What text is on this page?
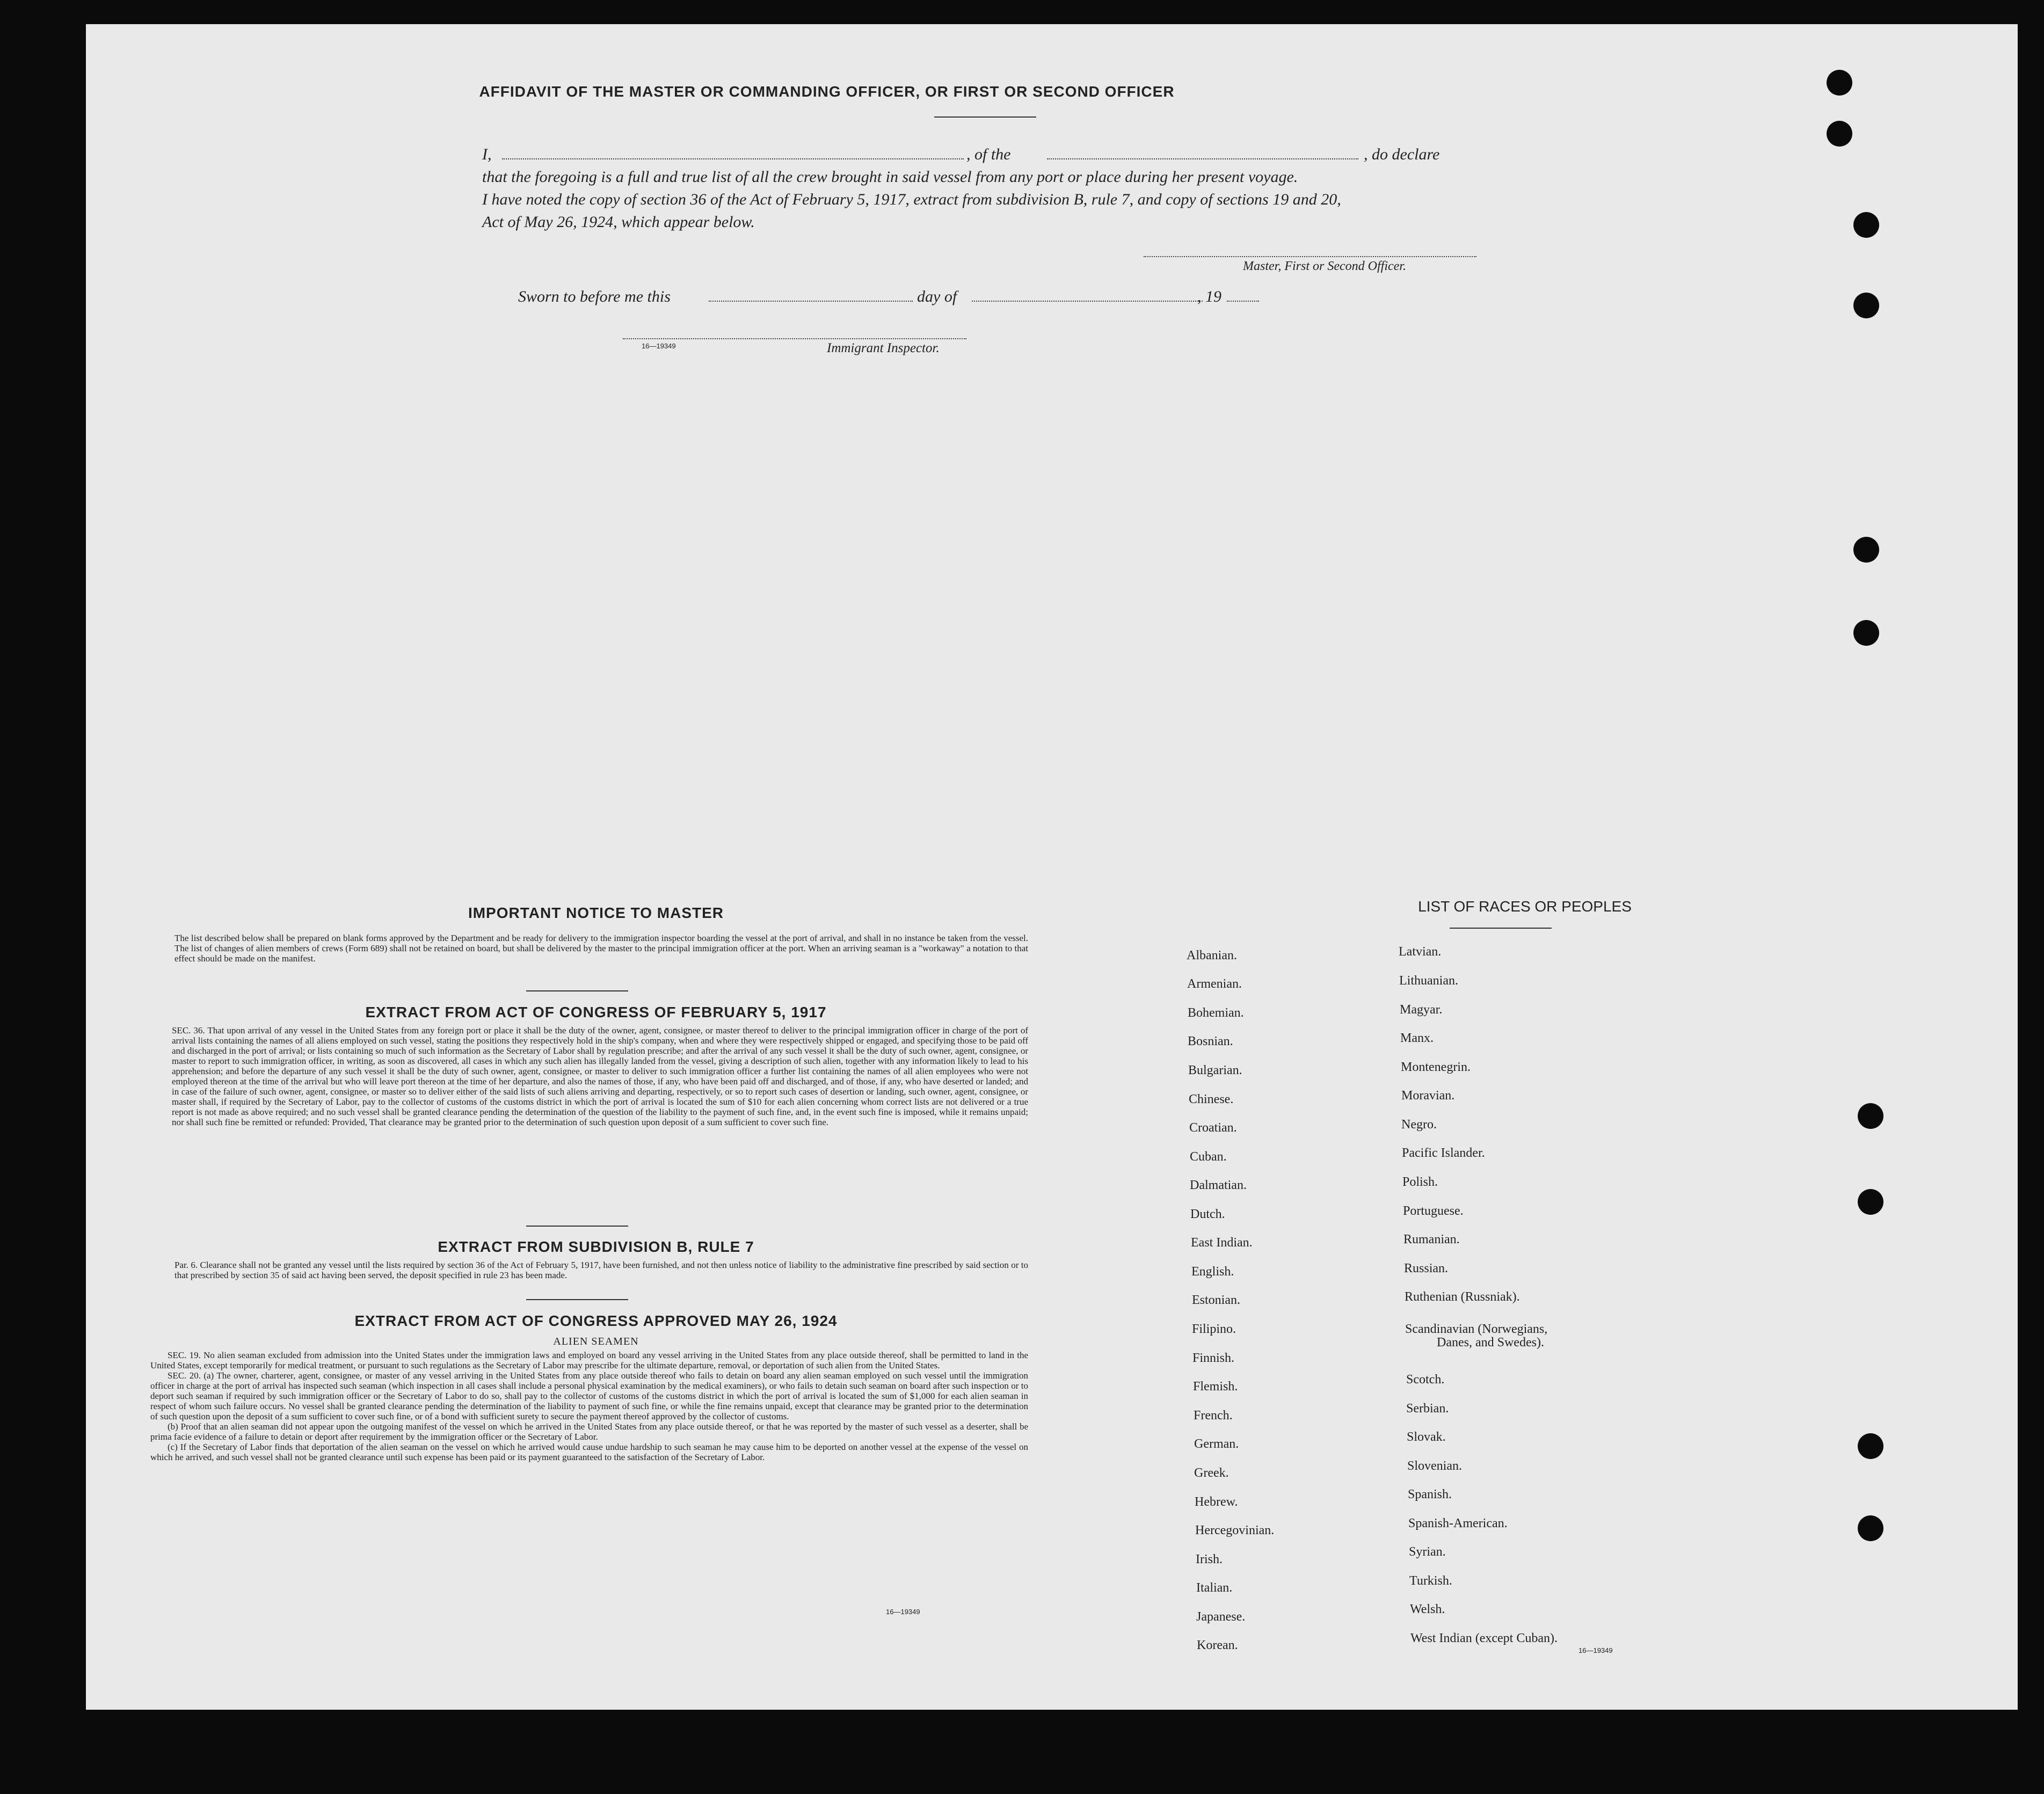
AFFIDAVIT OF THE MASTER OR COMMANDING OFFICER, OR FIRST OR SECOND OFFICER
I,	, of the	, do declare
that the foregoing is a full and true list of all the crew brought in said vessel from any port or place during her present voyage.
I have noted the copy of section 36 of the Act of February 5, 1917, extract from subdivision B, rule 7, and copy of sections 19 and 20,
Act of May 26, 1924, which appear below.
Master, First or Second Officer.
Sworn to before me this	day of	, 19
16—19349	Immigrant Inspector.
IMPORTANT NOTICE TO MASTER
The list described below shall be prepared on blank forms approved by the Department and be ready for delivery to the immigration inspector boarding the vessel at the port of arrival, and shall in no instance be taken from the vessel. The list of changes of alien members of crews (Form 689) shall not be retained on board, but shall be delivered by the master to the principal immigration officer at the port. When an arriving seaman is a "workaway" a notation to that effect should be made on the manifest.
EXTRACT FROM ACT OF CONGRESS OF FEBRUARY 5, 1917
SEC. 36. That upon arrival of any vessel in the United States from any foreign port or place it shall be the duty of the owner, agent, consignee, or master thereof to deliver to the principal immigration officer in charge of the port of arrival lists containing the names of all aliens employed on such vessel, stating the positions they respectively hold in the ship's company, when and where they were respectively shipped or engaged, and specifying those to be paid off and discharged in the port of arrival; or lists containing so much of such information as the Secretary of Labor shall by regulation prescribe; and after the arrival of any such vessel it shall be the duty of such owner, agent, consignee, or master to report to such immigration officer, in writing, as soon as discovered, all cases in which any such alien has illegally landed from the vessel, giving a description of such alien, together with any information likely to lead to his apprehension; and before the departure of any such vessel it shall be the duty of such owner, agent, consignee, or master to deliver to such immigration officer a further list containing the names of all alien employees who were not employed thereon at the time of the arrival but who will leave port thereon at the time of her departure, and also the names of those, if any, who have been paid off and discharged, and of those, if any, who have deserted or landed; and in case of the failure of such owner, agent, consignee, or master so to deliver either of the said lists of such aliens arriving and departing, respectively, or so to report such cases of desertion or landing, such owner, agent, consignee, or master shall, if required by the Secretary of Labor, pay to the collector of customs of the customs district in which the port of arrival is located the sum of $10 for each alien concerning whom correct lists are not delivered or a true report is not made as above required; and no such vessel shall be granted clearance pending the determination of the question of the liability to the payment of such fine, and, in the event such fine is imposed, while it remains unpaid; nor shall such fine be remitted or refunded: Provided, That clearance may be granted prior to the determination of such question upon deposit of a sum sufficient to cover such fine.
EXTRACT FROM SUBDIVISION B, RULE 7
Par. 6. Clearance shall not be granted any vessel until the lists required by section 36 of the Act of February 5, 1917, have been furnished, and not then unless notice of liability to the administrative fine prescribed by said section or to that prescribed by section 35 of said act having been served, the deposit specified in rule 23 has been made.
EXTRACT FROM ACT OF CONGRESS APPROVED MAY 26, 1924
ALIEN SEAMEN

SEC. 19. No alien seaman excluded from admission into the United States under the immigration laws and employed on board any vessel arriving in the United States from any place outside thereof, shall be permitted to land in the United States, except temporarily for medical treatment, or pursuant to such regulations as the Secretary of Labor may prescribe for the ultimate departure, removal, or deportation of such alien from the United States.

SEC. 20. (a) The owner, charterer, agent, consignee, or master of any vessel arriving in the United States from any place outside thereof who fails to detain on board any alien seaman employed on such vessel until the immigration officer in charge at the port of arrival has inspected such seaman (which inspection in all cases shall include a personal physical examination by the medical examiners), or who fails to detain such seaman on board after such inspection or to deport such seaman if required by such immigration officer or the Secretary of Labor to do so, shall pay to the collector of customs of the customs district in which the port of arrival is located the sum of $1,000 for each alien seaman in respect of whom such failure occurs. No vessel shall be granted clearance pending the determination of the liability to payment of such fine, or while the fine remains unpaid, except that clearance may be granted prior to the determination of such question upon the deposit of a sum sufficient to cover such fine, or of a bond with sufficient surety to secure the payment thereof approved by the collector of customs.

(b) Proof that an alien seaman did not appear upon the outgoing manifest of the vessel on which he arrived in the United States from any place outside thereof, or that he was reported by the master of such vessel as a deserter, shall be prima facie evidence of a failure to detain or deport after requirement by the immigration officer or the Secretary of Labor.

(c) If the Secretary of Labor finds that deportation of the alien seaman on the vessel on which he arrived would cause undue hardship to such seaman he may cause him to be deported on another vessel at the expense of the vessel on which he arrived, and such vessel shall not be granted clearance until such expense has been paid or its payment guaranteed to the satisfaction of the Secretary of Labor.

16—19349
LIST OF RACES OR PEOPLES
Albanian.
Armenian.
Bohemian.
Bosnian.
Bulgarian.
Chinese.
Croatian.
Cuban.
Dalmatian.
Dutch.
East Indian.
English.
Estonian.
Filipino.
Finnish.
Flemish.
French.
German.
Greek.
Hebrew.
Hercegovinian.
Irish.
Italian.
Japanese.
Korean.
Latvian.
Lithuanian.
Magyar.
Manx.
Montenegrin.
Moravian.
Negro.
Pacific Islander.
Polish.
Portuguese.
Rumanian.
Russian.
Ruthenian (Russniak).
Scandinavian (Norwegians,
Danes, and Swedes).
Scotch.
Serbian.
Slovak.
Slovenian.
Spanish.
Spanish-American.
Syrian.
Turkish.
Welsh.
West Indian (except Cuban).
16—19349
